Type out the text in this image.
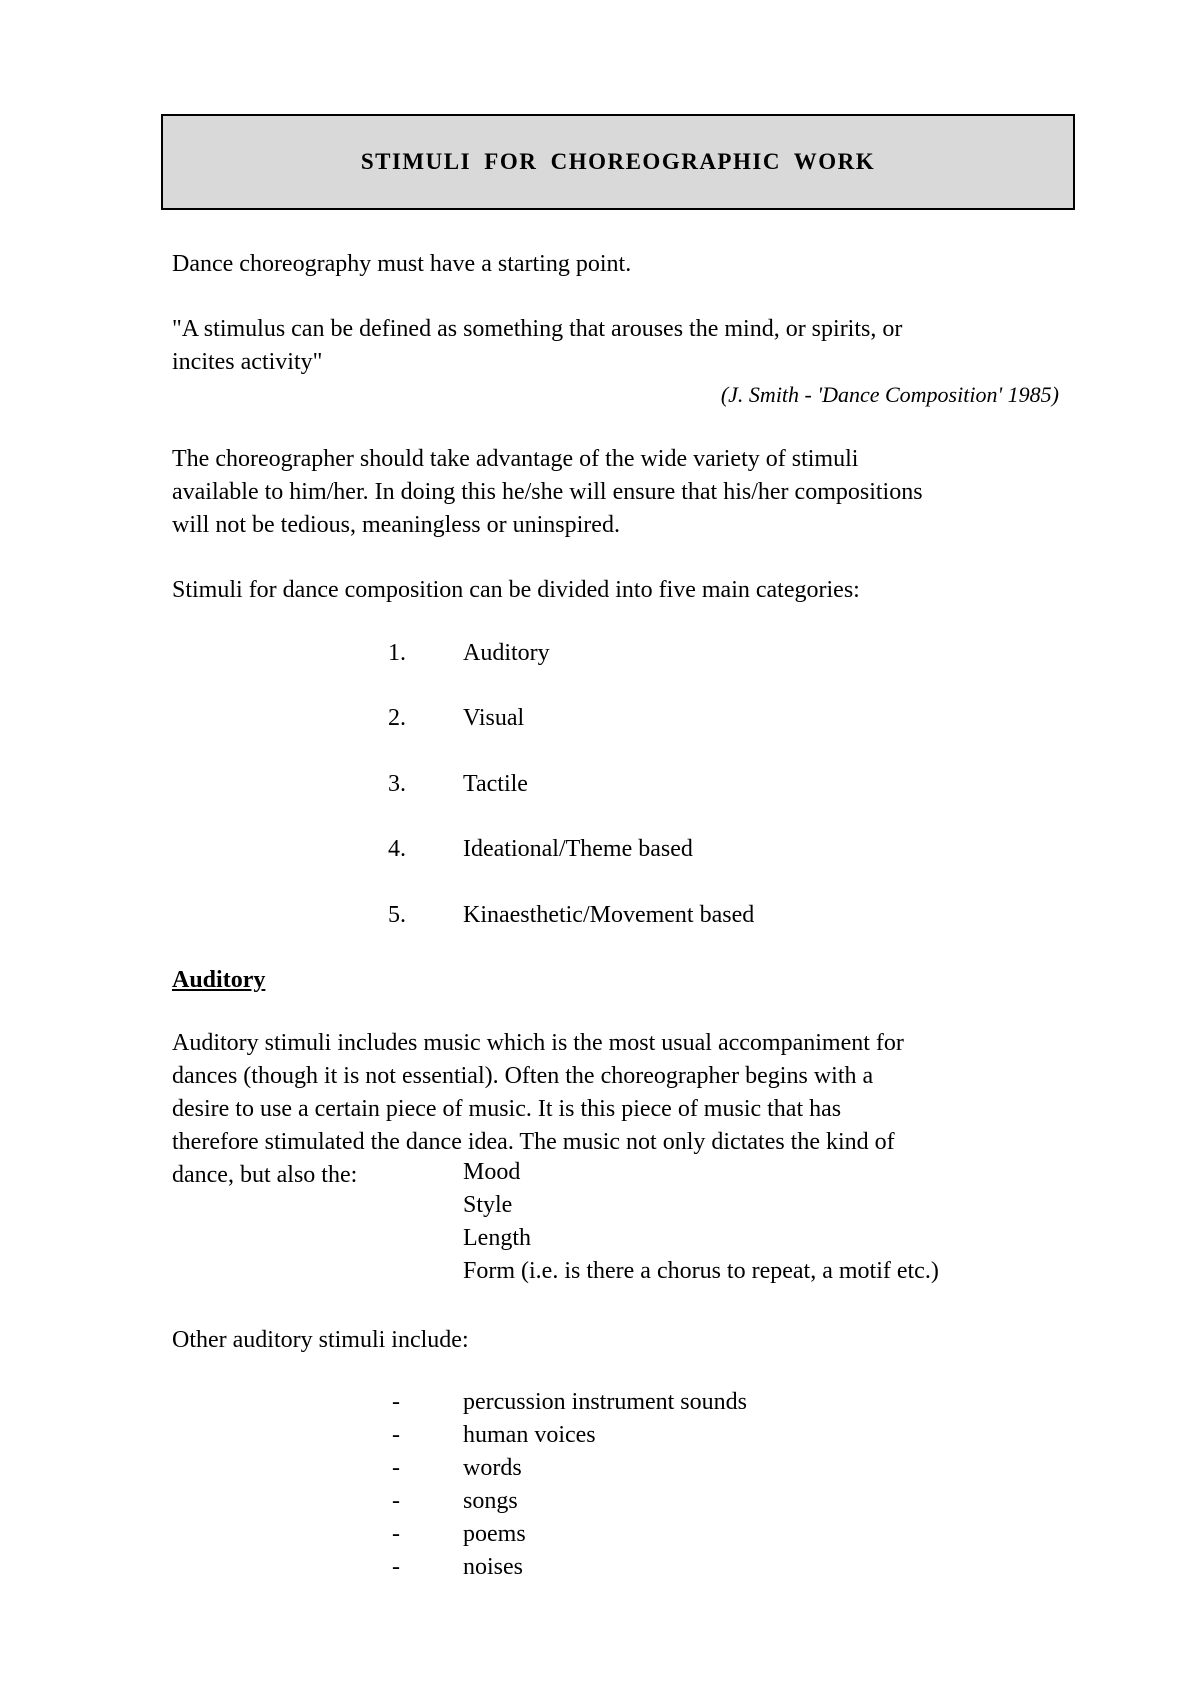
STIMULI FOR CHOREOGRAPHIC WORK
Dance choreography must have a starting point.
"A stimulus can be defined as something that arouses the mind, or spirits, or
incites activity"
(J. Smith - 'Dance Composition' 1985)
The choreographer should take advantage of the wide variety of stimuli
available to him/her. In doing this he/she will ensure that his/her compositions
will not be tedious, meaningless or uninspired.
Stimuli for dance composition can be divided into five main categories:
1. Auditory
2. Visual
3. Tactile
4. Ideational/Theme based
5. Kinaesthetic/Movement based
Auditory
Auditory stimuli includes music which is the most usual accompaniment for
dances (though it is not essential). Often the choreographer begins with a
desire to use a certain piece of music. It is this piece of music that has
therefore stimulated the dance idea. The music not only dictates the kind of
dance, but also the:	Mood
Style
Length
Form (i.e. is there a chorus to repeat, a motif etc.)
Other auditory stimuli include:
-	percussion instrument sounds
-	human voices
-	words
-	songs
-	poems
-	noises
